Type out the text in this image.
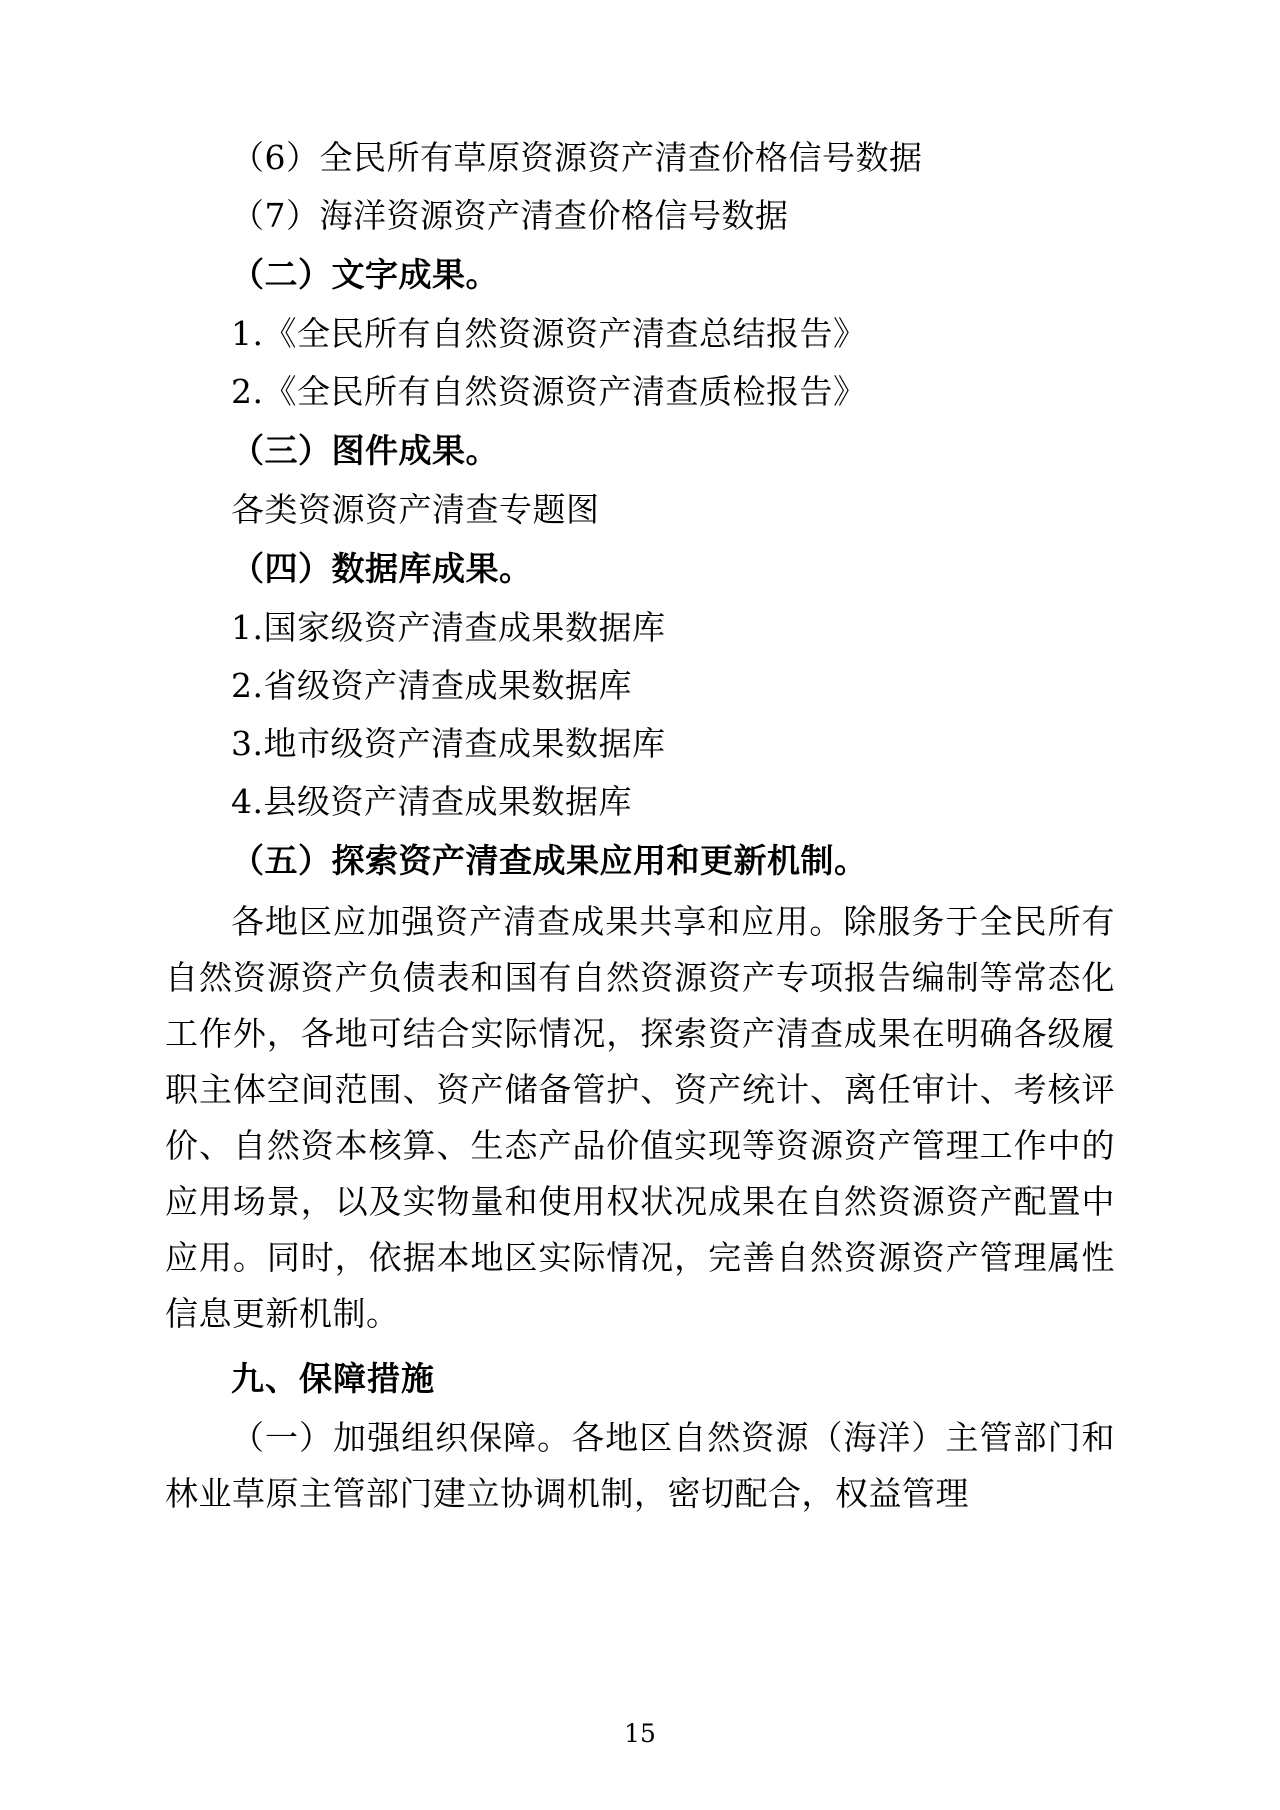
（6）全民所有草原资源资产清查价格信号数据

（7）海洋资源资产清查价格信号数据

（二）文字成果。

1.《全民所有自然资源资产清查总结报告》

2.《全民所有自然资源资产清查质检报告》

（三）图件成果。

各类资源资产清查专题图

（四）数据库成果。

1.国家级资产清查成果数据库

2.省级资产清查成果数据库

3.地市级资产清查成果数据库

4.县级资产清查成果数据库

（五）探索资产清查成果应用和更新机制。

各地区应加强资产清查成果共享和应用。除服务于全民所有自然资源资产负债表和国有自然资源资产专项报告编制等常态化工作外，各地可结合实际情况，探索资产清查成果在明确各级履职主体空间范围、资产储备管护、资产统计、离任审计、考核评价、自然资本核算、生态产品价值实现等资源资产管理工作中的应用场景，以及实物量和使用权状况成果在自然资源资产配置中应用。同时，依据本地区实际情况，完善自然资源资产管理属性信息更新机制。

九、保障措施

（一）加强组织保障。各地区自然资源（海洋）主管部门和林业草原主管部门建立协调机制，密切配合，权益管理

15
